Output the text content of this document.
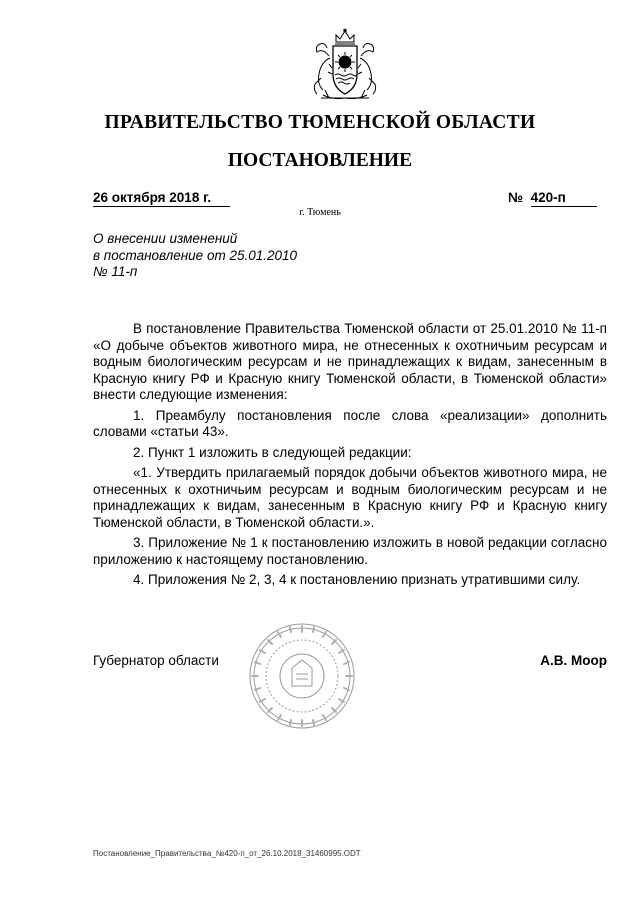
ПРАВИТЕЛЬСТВО ТЮМЕНСКОЙ ОБЛАСТИ
ПОСТАНОВЛЕНИЕ
26 октября 2018 г.	№ 420-п
г. Тюмень
О внесении изменений
в постановление от 25.01.2010
№ 11-п

В постановление Правительства Тюменской области от 25.01.2010 № 11-п «О добыче объектов животного мира, не отнесенных к охотничьим ресурсам и водным биологическим ресурсам и не принадлежащих к видам, занесенным в Красную книгу РФ и Красную книгу Тюменской области, в Тюменской области» внести следующие изменения:

1. Преамбулу постановления после слова «реализации» дополнить словами «статьи 43».

2. Пункт 1 изложить в следующей редакции:

«1. Утвердить прилагаемый порядок добычи объектов животного мира, не отнесенных к охотничьим ресурсам и водным биологическим ресурсам и не принадлежащих к видам, занесенным в Красную книгу РФ и Красную книгу Тюменской области, в Тюменской области.».

3. Приложение № 1 к постановлению изложить в новой редакции согласно приложению к настоящему постановлению.

4. Приложения № 2, 3, 4 к постановлению признать утратившими силу.

Губернатор области	А.В. Моор
Постановление_Правительства_№420-п_от_26.10.2018_31460995.ODT
